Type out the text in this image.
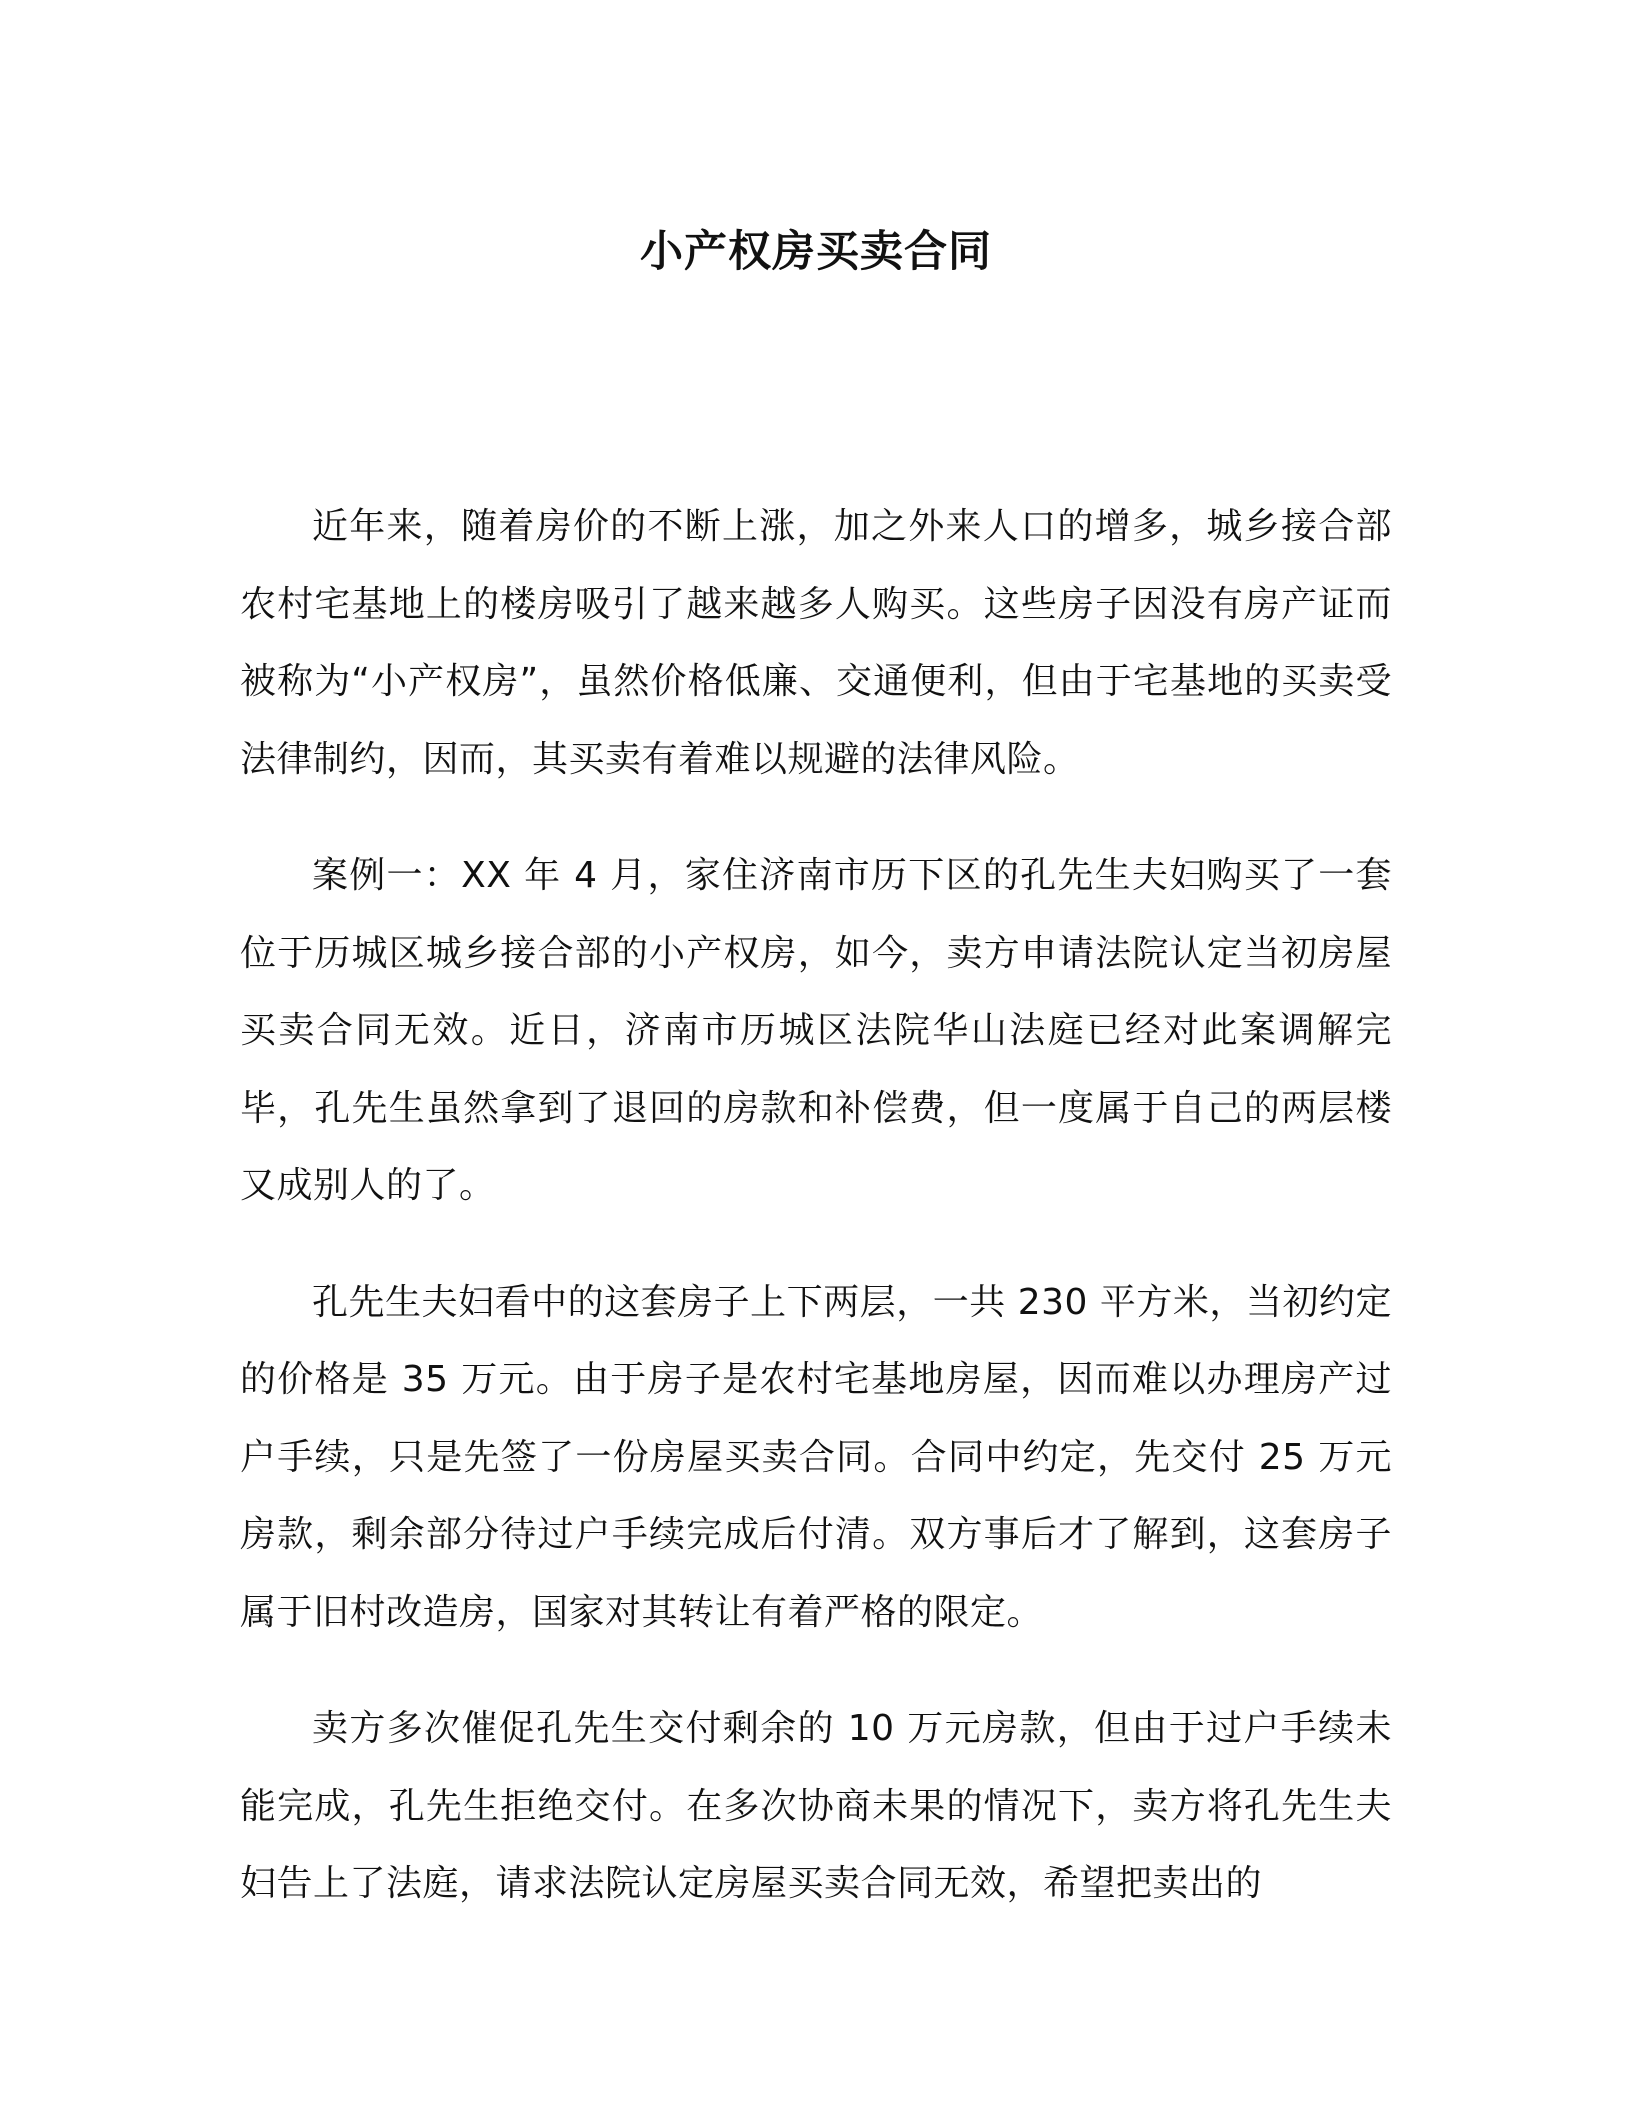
小产权房买卖合同

近年来，随着房价的不断上涨，加之外来人口的增多，城乡接合部农村宅基地上的楼房吸引了越来越多人购买。这些房子因没有房产证而被称为“小产权房”，虽然价格低廉、交通便利，但由于宅基地的买卖受法律制约，因而，其买卖有着难以规避的法律风险。

案例一：XX 年 4 月，家住济南市历下区的孔先生夫妇购买了一套位于历城区城乡接合部的小产权房，如今，卖方申请法院认定当初房屋买卖合同无效。近日，济南市历城区法院华山法庭已经对此案调解完毕，孔先生虽然拿到了退回的房款和补偿费，但一度属于自己的两层楼又成别人的了。

孔先生夫妇看中的这套房子上下两层，一共 230 平方米，当初约定的价格是 35 万元。由于房子是农村宅基地房屋，因而难以办理房产过户手续，只是先签了一份房屋买卖合同。合同中约定，先交付 25 万元房款，剩余部分待过户手续完成后付清。双方事后才了解到，这套房子属于旧村改造房，国家对其转让有着严格的限定。

卖方多次催促孔先生交付剩余的 10 万元房款，但由于过户手续未能完成，孔先生拒绝交付。在多次协商未果的情况下，卖方将孔先生夫妇告上了法庭，请求法院认定房屋买卖合同无效，希望把卖出的
